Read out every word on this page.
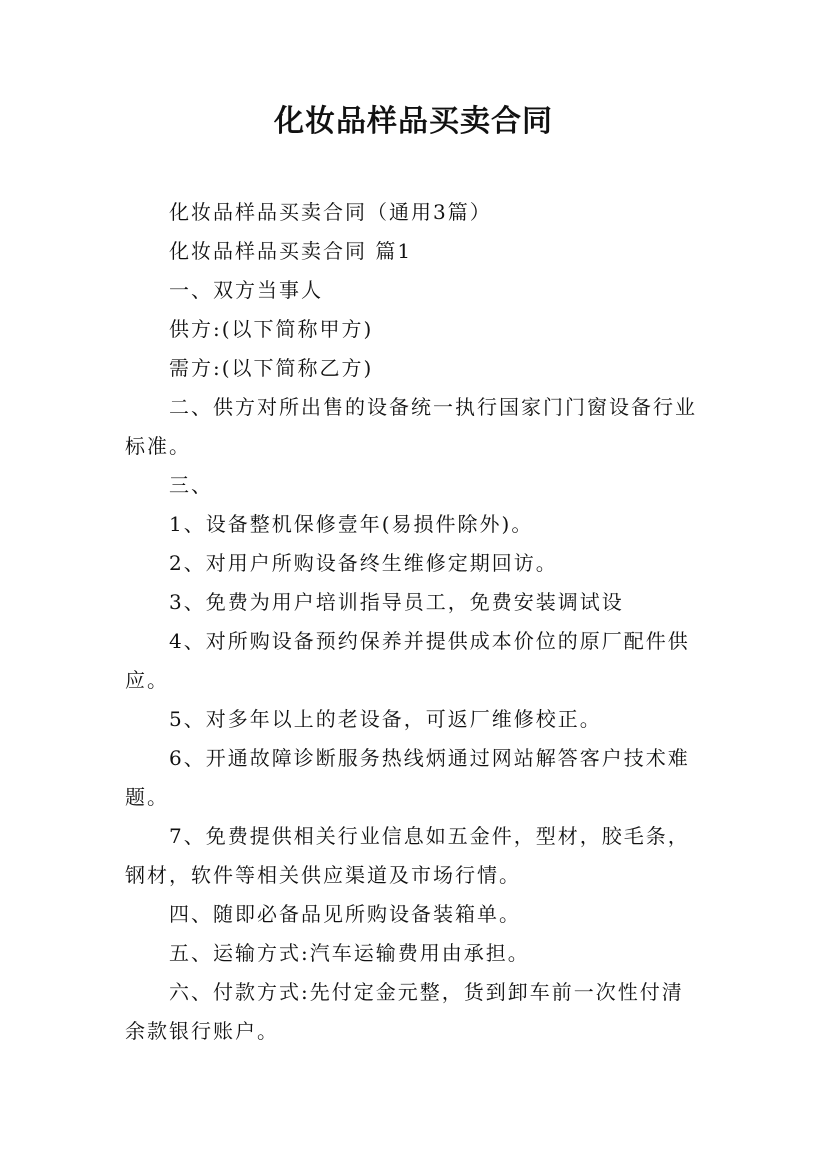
化妆品样品买卖合同

化妆品样品买卖合同（通用3篇）

化妆品样品买卖合同 篇1

一、双方当事人

供方:(以下简称甲方)

需方:(以下简称乙方)

二、供方对所出售的设备统一执行国家门门窗设备行业标准。

三、

1、设备整机保修壹年(易损件除外)。

2、对用户所购设备终生维修定期回访。

3、免费为用户培训指导员工，免费安装调试设

4、对所购设备预约保养并提供成本价位的原厂配件供应。

5、对多年以上的老设备，可返厂维修校正。

6、开通故障诊断服务热线炳通过网站解答客户技术难题。

7、免费提供相关行业信息如五金件，型材，胶毛条，钢材，软件等相关供应渠道及市场行情。

四、随即必备品见所购设备装箱单。

五、运输方式:汽车运输费用由承担。

六、付款方式:先付定金元整，货到卸车前一次性付清余款银行账户。
